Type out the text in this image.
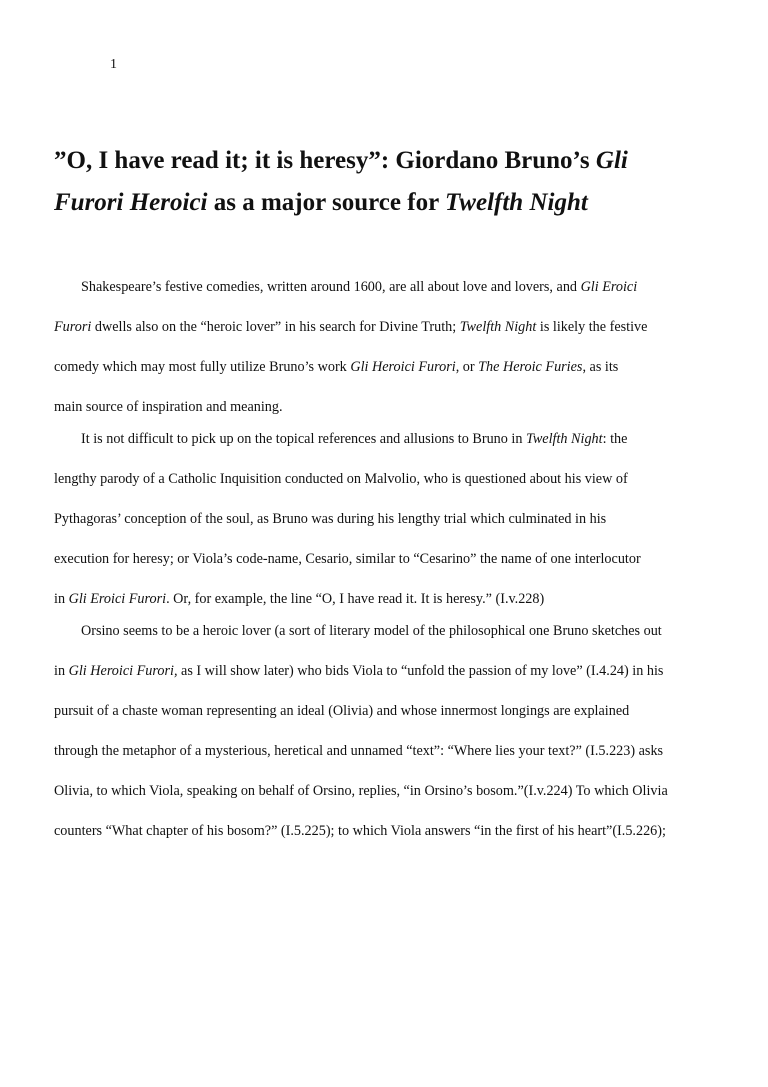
1
”O, I have read it; it is heresy”: Giordano Bruno’s Gli
Furori Heroici as a major source for Twelfth Night
Shakespeare’s festive comedies, written around 1600, are all about love and lovers, and Gli Eroici
Furori dwells also on the “heroic lover” in his search for Divine Truth; Twelfth Night is likely the festive
comedy which may most fully utilize Bruno’s work Gli Heroici Furori, or The Heroic Furies, as its
main source of inspiration and meaning.
It is not difficult to pick up on the topical references and allusions to Bruno in Twelfth Night: the
lengthy parody of a Catholic Inquisition conducted on Malvolio, who is questioned about his view of
Pythagoras’ conception of the soul, as Bruno was during his lengthy trial which culminated in his
execution for heresy; or Viola’s code-name, Cesario, similar to “Cesarino” the name of one interlocutor
in Gli Eroici Furori. Or, for example, the line “O, I have read it. It is heresy.” (I.v.228)
Orsino seems to be a heroic lover (a sort of literary model of the philosophical one Bruno sketches out
in Gli Heroici Furori, as I will show later) who bids Viola to “unfold the passion of my love” (I.4.24) in his
pursuit of a chaste woman representing an ideal (Olivia) and whose innermost longings are explained
through the metaphor of a mysterious, heretical and unnamed “text”: “Where lies your text?” (I.5.223) asks
Olivia, to which Viola, speaking on behalf of Orsino, replies, “in Orsino’s bosom.”(I.v.224) To which Olivia
counters “What chapter of his bosom?” (I.5.225); to which Viola answers “in the first of his heart”(I.5.226);
